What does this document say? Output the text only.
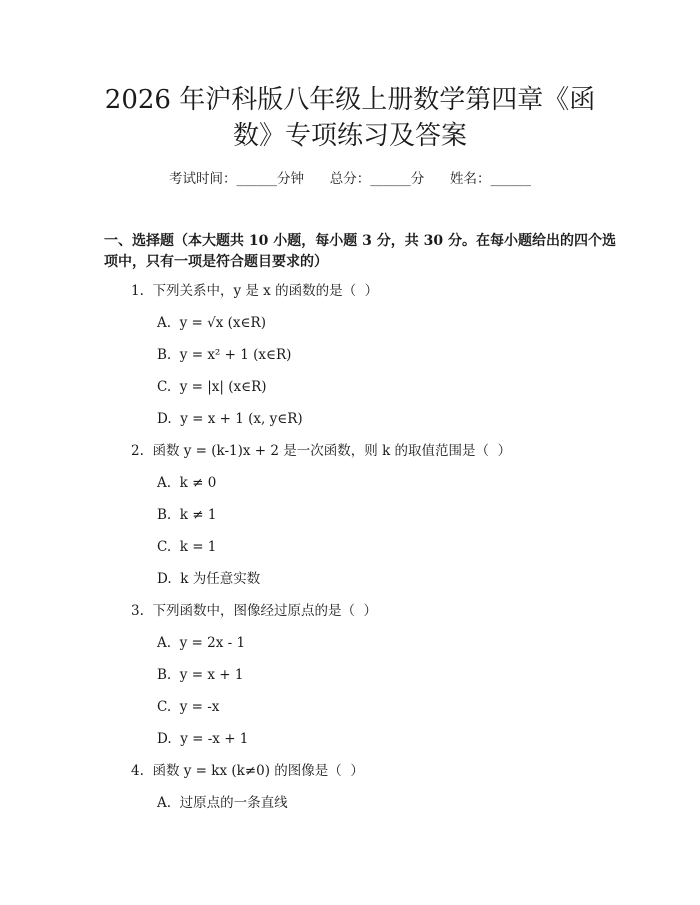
2026 年沪科版八年级上册数学第四章《函
数》专项练习及答案
考试时间：______分钟 总分：______分 姓名：______
一、选择题（本大题共 10 小题，每小题 3 分，共 30 分。在每小题给出的四个选
项中，只有一项是符合题目要求的）
1.  下列关系中，y 是 x 的函数的是（  ）
A.  y = √x (x∈R)
B.  y = x² + 1 (x∈R)
C.  y = |x| (x∈R)
D.  y = x + 1 (x, y∈R)
2.  函数 y = (k-1)x + 2 是一次函数，则 k 的取值范围是（  ）
A.  k ≠ 0
B.  k ≠ 1
C.  k = 1
D.  k 为任意实数
3.  下列函数中，图像经过原点的是（  ）
A.  y = 2x - 1
B.  y = x + 1
C.  y = -x
D.  y = -x + 1
4.  函数 y = kx (k≠0) 的图像是（  ）
A.  过原点的一条直线
